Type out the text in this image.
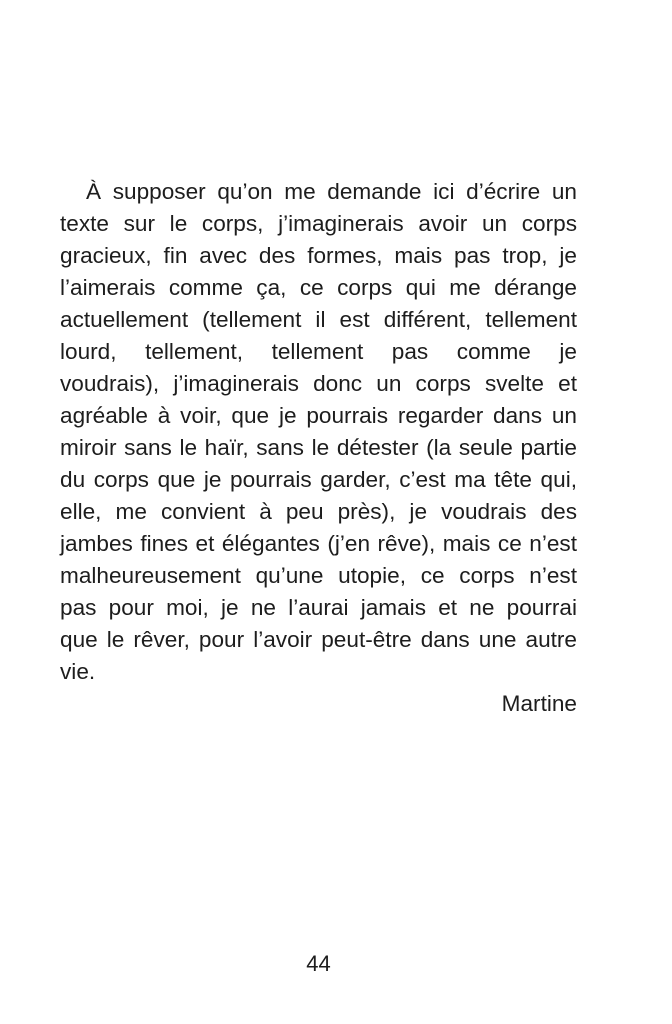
À supposer qu’on me demande ici d’écrire un
texte sur le corps, j’imaginerais avoir un corps
gracieux, fin avec des formes, mais pas trop, je
l’aimerais comme ça, ce corps qui me dérange
actuellement (tellement il est différent, tellement
lourd, tellement, tellement pas comme je
voudrais), j’imaginerais donc un corps svelte et
agréable à voir, que je pourrais regarder dans un
miroir sans le haïr, sans le détester (la seule partie
du corps que je pourrais garder, c’est ma tête qui,
elle, me convient à peu près), je voudrais des
jambes fines et élégantes (j’en rêve), mais ce n’est
malheureusement qu’une utopie, ce corps n’est
pas pour moi, je ne l’aurai jamais et ne pourrai
que le rêver, pour l’avoir peut-être dans une autre
vie.
Martine
44
